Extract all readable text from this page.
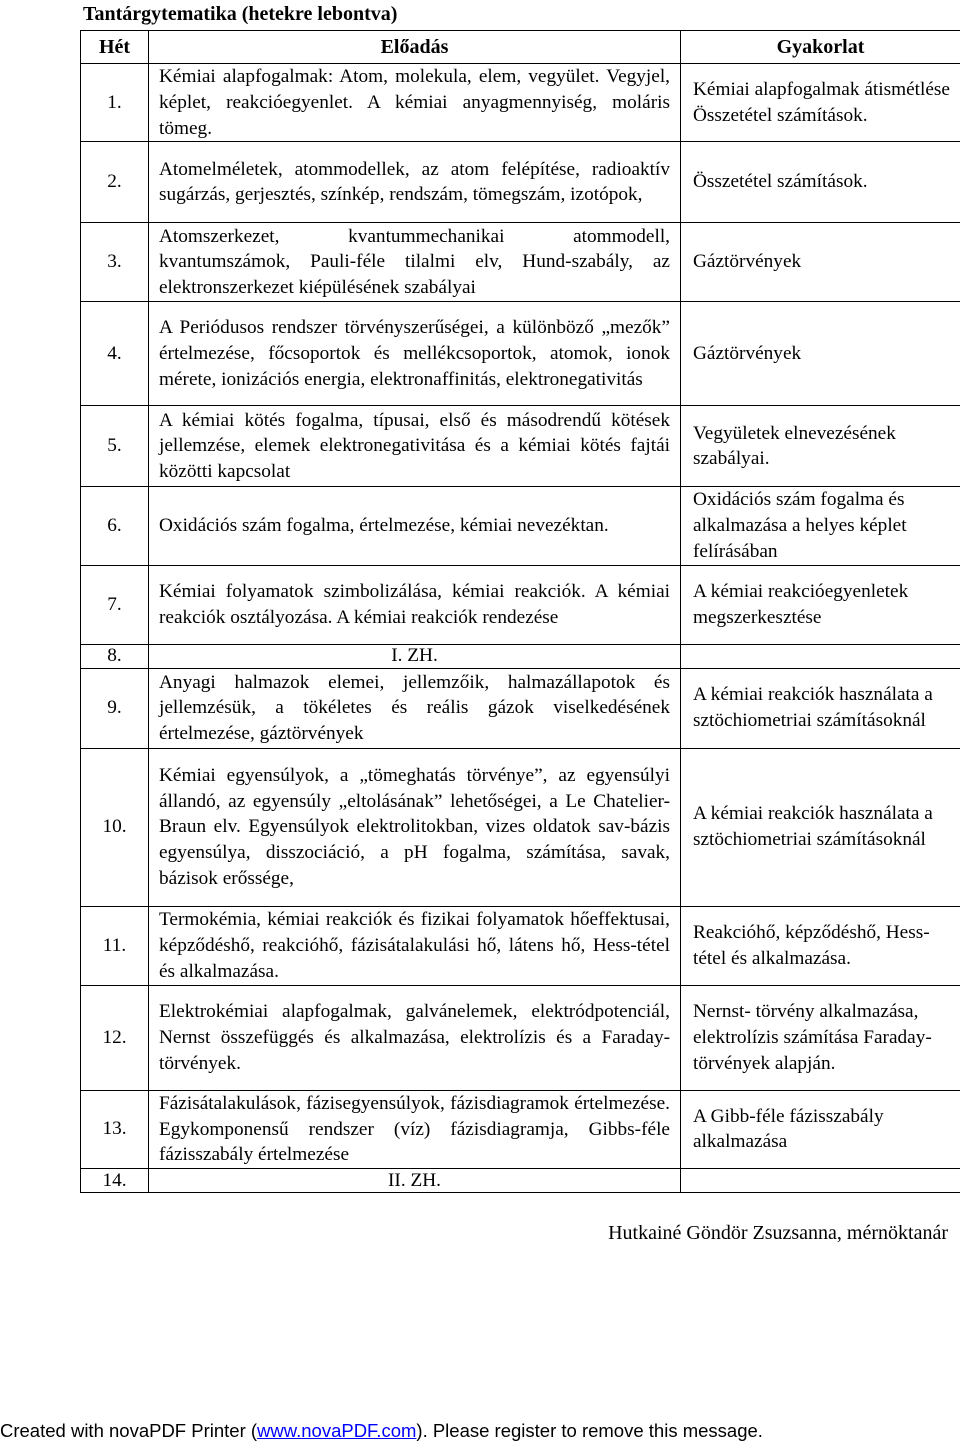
Tantárgytematika (hetekre lebontva)
Hét	Előadás	Gyakorlat
1.	Kémiai alapfogalmak: Atom, molekula, elem, vegyület. Vegyjel, képlet, reakcióegyenlet. A kémiai anyagmennyiség, moláris tömeg.	Kémiai alapfogalmak átismétlése Összetétel számítások.
2.	Atomelméletek, atommodellek, az atom felépítése, radioaktív sugárzás, gerjesztés, színkép, rendszám, tömegszám, izotópok,	Összetétel számítások.
3.	Atomszerkezet, kvantummechanikai atommodell, kvantumszámok, Pauli-féle tilalmi elv, Hund-szabály, az elektronszerkezet kiépülésének szabályai	Gáztörvények
4.	A Periódusos rendszer törvényszerűségei, a különböző „mezők” értelmezése, főcsoportok és mellékcsoportok, atomok, ionok mérete, ionizációs energia, elektronaffinitás, elektronegativitás	Gáztörvények
5.	A kémiai kötés fogalma, típusai, első és másodrendű kötések jellemzése, elemek elektronegativitása és a kémiai kötés fajtái közötti kapcsolat	Vegyületek elnevezésének szabályai.
6.	Oxidációs szám fogalma, értelmezése, kémiai nevezéktan.	Oxidációs szám fogalma és alkalmazása a helyes képlet felírásában
7.	Kémiai folyamatok szimbolizálása, kémiai reakciók. A kémiai reakciók osztályozása. A kémiai reakciók rendezése	A kémiai reakcióegyenletek megszerkesztése
8.	I. ZH.	
9.	Anyagi halmazok elemei, jellemzőik, halmazállapotok és jellemzésük, a tökéletes és reális gázok viselkedésének értelmezése, gáztörvények	A kémiai reakciók használata a sztöchiometriai számításoknál
10.	Kémiai egyensúlyok, a „tömeghatás törvénye”, az egyensúlyi állandó, az egyensúly „eltolásának” lehetőségei, a Le Chatelier-Braun elv. Egyensúlyok elektrolitokban, vizes oldatok sav-bázis egyensúlya, disszociáció, a pH fogalma, számítása, savak, bázisok erőssége,	A kémiai reakciók használata a sztöchiometriai számításoknál
11.	Termokémia, kémiai reakciók és fizikai folyamatok hőeffektusai, képződéshő, reakcióhő, fázisátalakulási hő, látens hő, Hess-tétel és alkalmazása.	Reakcióhő, képződéshő, Hess-tétel és alkalmazása.
12.	Elektrokémiai alapfogalmak, galvánelemek, elektródpotenciál, Nernst összefüggés és alkalmazása, elektrolízis és a Faraday-törvények.	Nernst- törvény alkalmazása, elektrolízis számítása Faraday-törvények alapján.
13.	Fázisátalakulások, fázisegyensúlyok, fázisdiagramok értelmezése. Egykomponensű rendszer (víz) fázisdiagramja, Gibbs-féle fázisszabály értelmezése	A Gibb-féle fázisszabály alkalmazása
14.	II. ZH.	
Hutkainé Göndör Zsuzsanna, mérnöktanár
Created with novaPDF Printer (www.novaPDF.com). Please register to remove this message.
